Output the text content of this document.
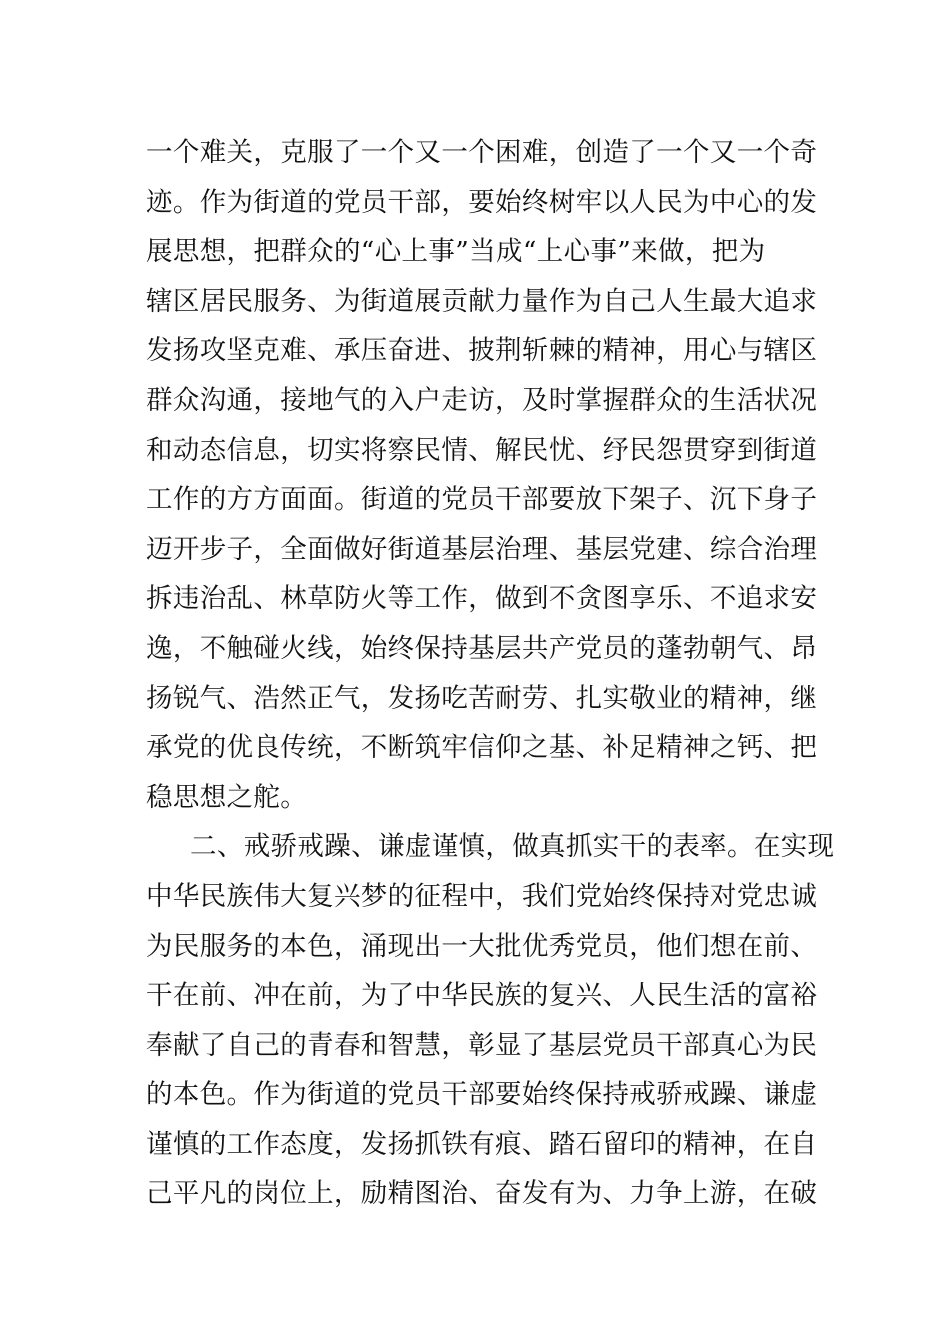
一个难关，克服了一个又一个困难，创造了一个又一个奇
迹。作为街道的党员干部，要始终树牢以人民为中心的发
展思想，把群众的“心上事”当成“上心事”来做，把为
辖区居民服务、为街道展贡献力量作为自己人生最大追求
发扬攻坚克难、承压奋进、披荆斩棘的精神，用心与辖区
群众沟通，接地气的入户走访，及时掌握群众的生活状况
和动态信息，切实将察民情、解民忧、纾民怨贯穿到街道
工作的方方面面。街道的党员干部要放下架子、沉下身子
迈开步子，全面做好街道基层治理、基层党建、综合治理
拆违治乱、林草防火等工作，做到不贪图享乐、不追求安
逸，不触碰火线，始终保持基层共产党员的蓬勃朝气、昂
扬锐气、浩然正气，发扬吃苦耐劳、扎实敬业的精神，继
承党的优良传统，不断筑牢信仰之基、补足精神之钙、把
稳思想之舵。
二、戒骄戒躁、谦虚谨慎，做真抓实干的表率。在实现
中华民族伟大复兴梦的征程中，我们党始终保持对党忠诚
为民服务的本色，涌现出一大批优秀党员，他们想在前、
干在前、冲在前，为了中华民族的复兴、人民生活的富裕
奉献了自己的青春和智慧，彰显了基层党员干部真心为民
的本色。作为街道的党员干部要始终保持戒骄戒躁、谦虚
谨慎的工作态度，发扬抓铁有痕、踏石留印的精神，在自
己平凡的岗位上，励精图治、奋发有为、力争上游，在破
